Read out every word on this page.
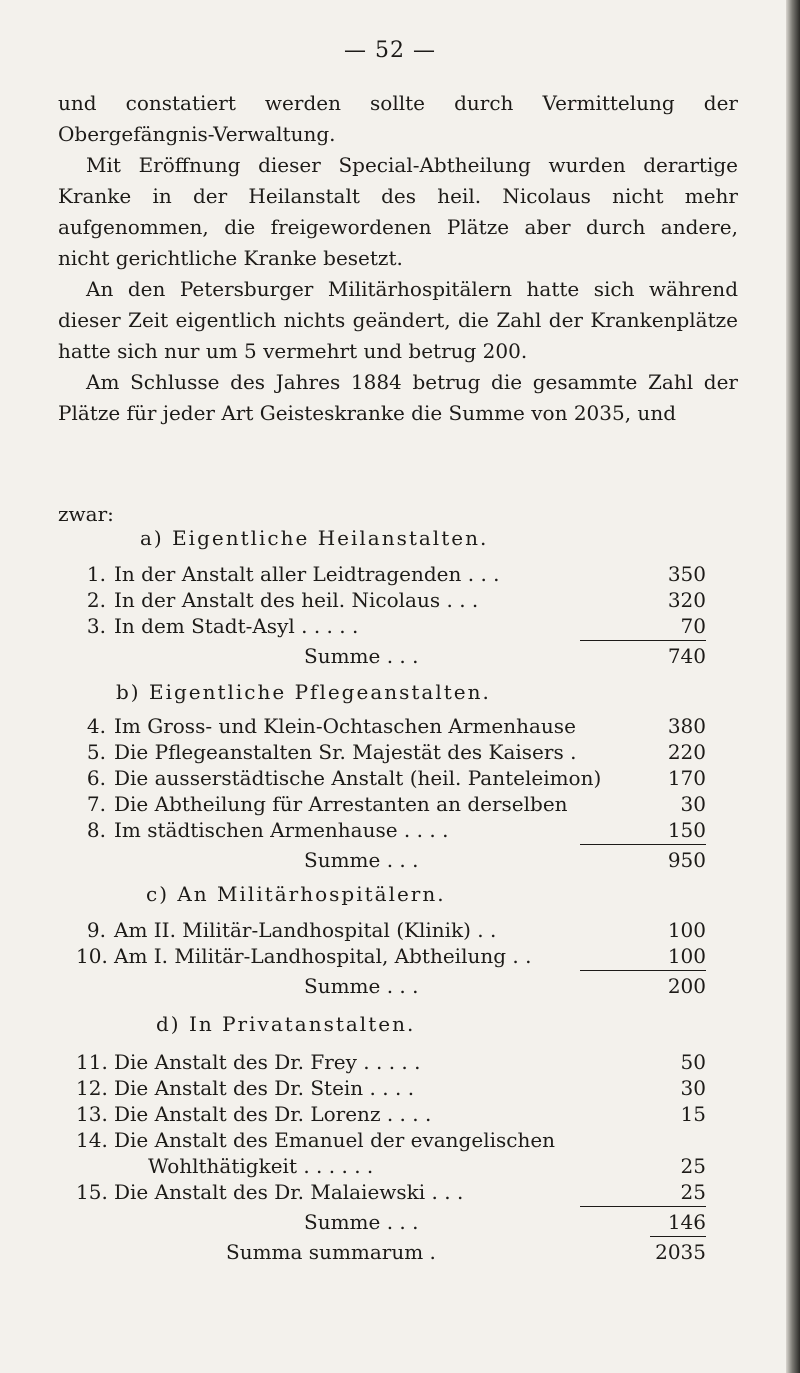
— 52 —

und constatiert werden sollte durch Vermittelung der Obergefängnis-Verwaltung.

Mit Eröffnung dieser Special-Abtheilung wurden derartige Kranke in der Heilanstalt des heil. Nicolaus nicht mehr aufgenommen, die freigewordenen Plätze aber durch andere, nicht gerichtliche Kranke besetzt.

An den Petersburger Militärhospitälern hatte sich während dieser Zeit eigentlich nichts geändert, die Zahl der Krankenplätze hatte sich nur um 5 vermehrt und betrug 200.

Am Schlusse des Jahres 1884 betrug die gesammte Zahl der Plätze für jeder Art Geisteskranke die Summe von 2035, und

zwar:
a) Eigentliche Heilanstalten.
1. In der Anstalt aller Leidtragenden . . .	350
2. In der Anstalt des heil. Nicolaus . . .	320
3. In dem Stadt-Asyl . . . . .	70
Summe . . .	740
b) Eigentliche Pflegeanstalten.
4. Im Gross- und Klein-Ochtaschen Armenhause	380
5. Die Pflegeanstalten Sr. Majestät des Kaisers .	220
6. Die ausserstädtische Anstalt (heil. Panteleimon)	170
7. Die Abtheilung für Arrestanten an derselben	30
8. Im städtischen Armenhause . . . .	150
Summe . . .	950
c) An Militärhospitälern.
9. Am II. Militär-Landhospital (Klinik) . .	100
10. Am I. Militär-Landhospital, Abtheilung . .	100
Summe . . .	200
d) In Privatanstalten.
11. Die Anstalt des Dr. Frey . . . . .	50
12. Die Anstalt des Dr. Stein . . . .	30
13. Die Anstalt des Dr. Lorenz . . . .	15
14. Die Anstalt des Emanuel der evangelischen
Wohlthätigkeit . . . . . .	25
15. Die Anstalt des Dr. Malaiewski . . .	25
Summe . . .	146
Summa summarum .	2035
